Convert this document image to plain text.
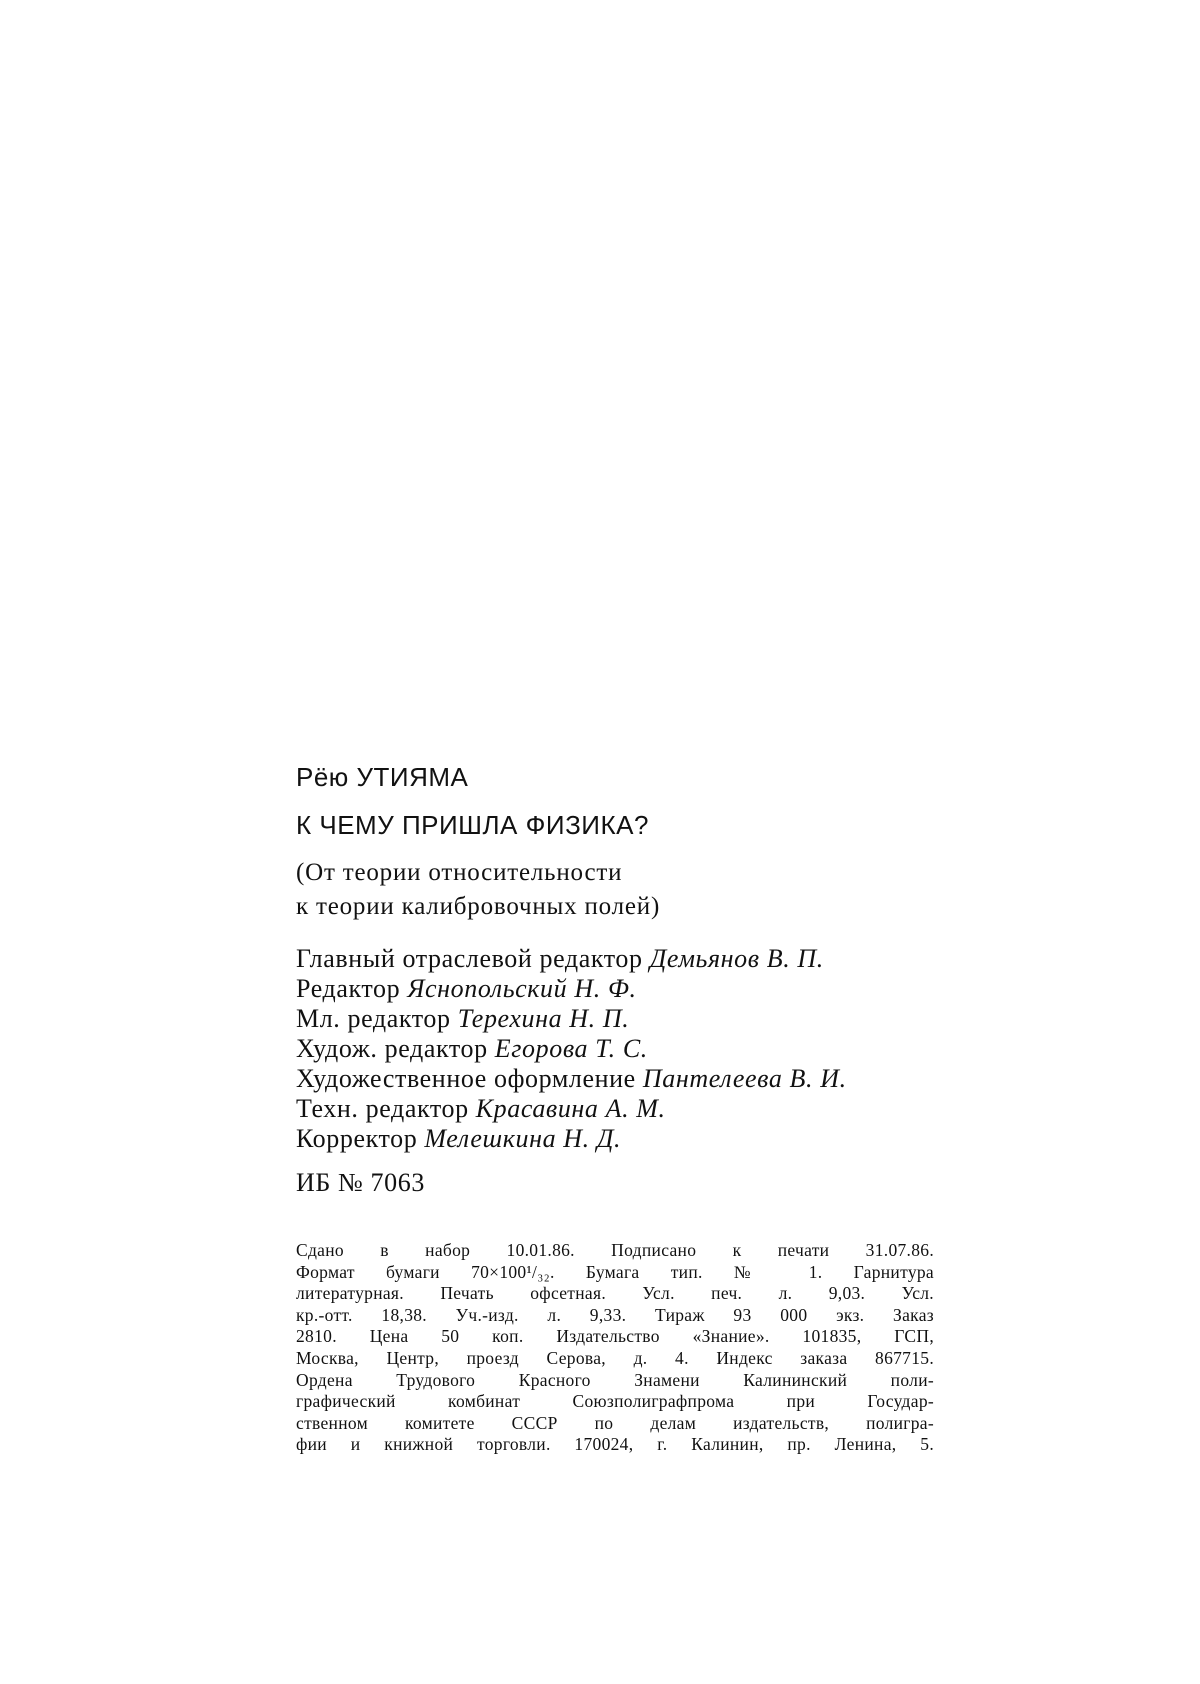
Рёю УТИЯМА
К ЧЕМУ ПРИШЛА ФИЗИКА?
(От теории относительности
к теории калибровочных полей)
Главный отраслевой редактор Демьянов В. П.
Редактор Яснопольский Н. Ф.
Мл. редактор Терехина Н. П.
Худож. редактор Егорова Т. С.
Художественное оформление Пантелеева В. И.
Техн. редактор Красавина А. М.
Корректор Мелешкина Н. Д.
ИБ № 7063
Сдано в набор 10.01.86. Подписано к печати 31.07.86.
Формат бумаги 70×100¹/₃₂. Бумага тип. № 1. Гарнитура
литературная. Печать офсетная. Усл. печ. л. 9,03. Усл.
кр.-отт. 18,38. Уч.-изд. л. 9,33. Тираж 93 000 экз. Заказ
2810. Цена 50 коп. Издательство «Знание». 101835, ГСП,
Москва, Центр, проезд Серова, д. 4. Индекс заказа 867715.
Ордена Трудового Красного Знамени Калининский поли-
графический комбинат Союзполиграфпрома при Государ-
ственном комитете СССР по делам издательств, полигра-
фии и книжной торговли. 170024, г. Калинин, пр. Ленина, 5.
